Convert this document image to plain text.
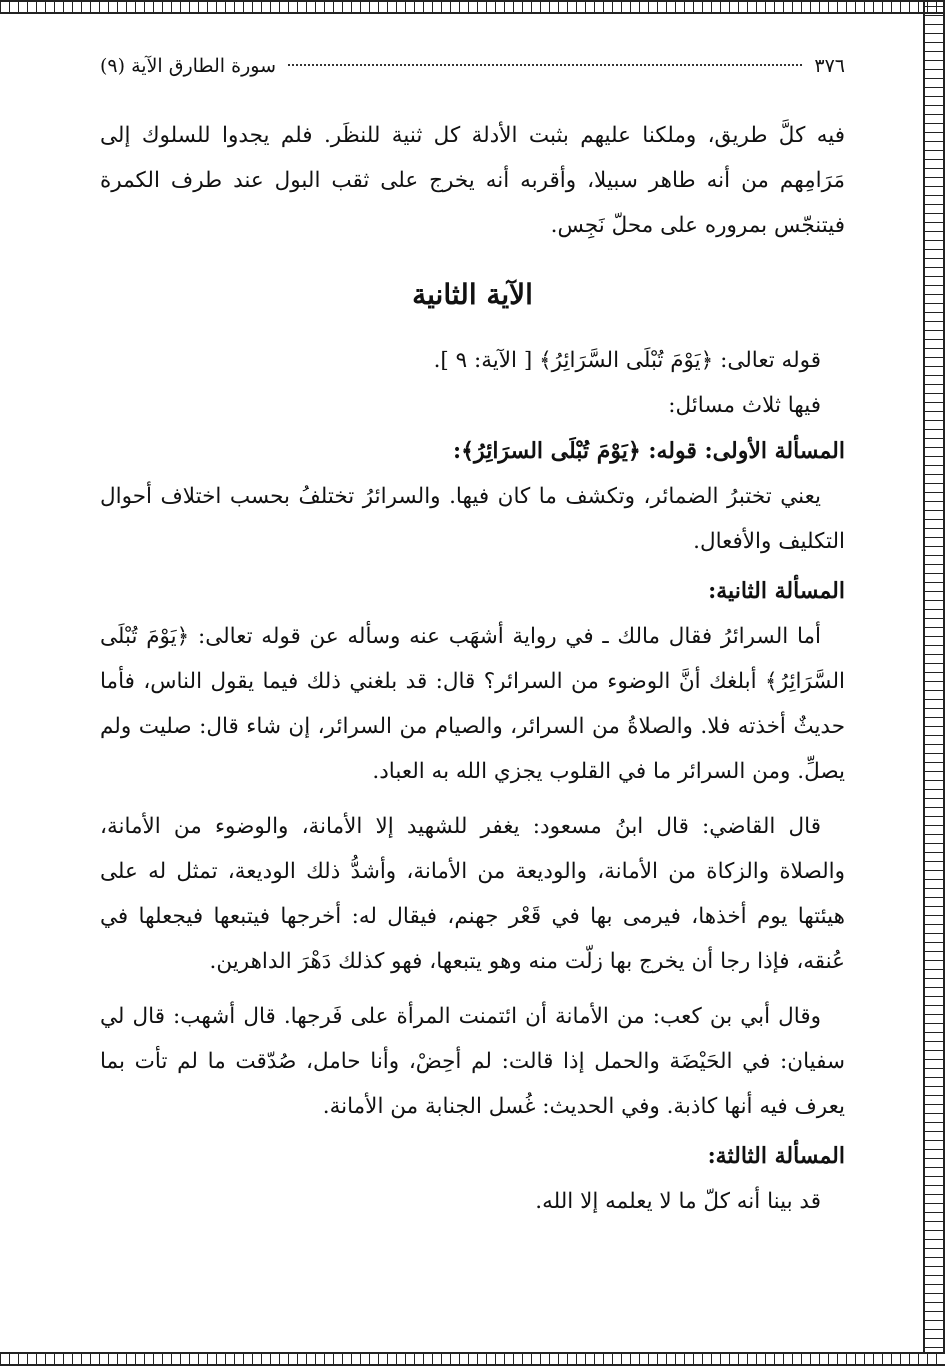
٣٧٦
سورة الطارق الآية (٩)

فيه كلَّ طريق، وملكنا عليهم بثبت الأدلة كل ثنية للنظَر. فلم يجدوا للسلوك إلى مَرَامِهم من أنه طاهر سبيلا، وأقربه أنه يخرج على ثقب البول عند طرف الكمرة فيتنجّس بمروره على محلّ نَجِس.

الآية الثانية

قوله تعالى: ﴿يَوْمَ تُبْلَى السَّرَائِرُ﴾ [ الآية: ٩ ].

فيها ثلاث مسائل:

المسألة الأولى: قوله: ﴿يَوْمَ تُبْلَى السرَائِرُ﴾:

يعني تختبرُ الضمائر، وتكشف ما كان فيها. والسرائرُ تختلفُ بحسب اختلاف أحوال التكليف والأفعال.

المسألة الثانية:

أما السرائرُ فقال مالك ـ في رواية أشهَب عنه وسأله عن قوله تعالى: ﴿يَوْمَ تُبْلَى السَّرَائِرُ﴾ أبلغك أنَّ الوضوء من السرائر؟ قال: قد بلغني ذلك فيما يقول الناس، فأما حديثٌ أخذته فلا. والصلاةُ من السرائر، والصيام من السرائر، إن شاء قال: صليت ولم يصلِّ. ومن السرائر ما في القلوب يجزي الله به العباد.

قال القاضي: قال ابنُ مسعود: يغفر للشهيد إلا الأمانة، والوضوء من الأمانة، والصلاة والزكاة من الأمانة، والوديعة من الأمانة، وأشدُّ ذلك الوديعة، تمثل له على هيئتها يوم أخذها، فيرمى بها في قَعْر جهنم، فيقال له: أخرجها فيتبعها فيجعلها في عُنقه، فإذا رجا أن يخرج بها زلّت منه وهو يتبعها، فهو كذلك دَهْرَ الداهرين.

وقال أبي بن كعب: من الأمانة أن ائتمنت المرأة على فَرجها. قال أشهب: قال لي سفيان: في الحَيْضَة والحمل إذا قالت: لم أحِضْ، وأنا حامل، صُدّقت ما لم تأت بما يعرف فيه أنها كاذبة. وفي الحديث: غُسل الجنابة من الأمانة.

المسألة الثالثة:

قد بينا أنه كلّ ما لا يعلمه إلا الله.
